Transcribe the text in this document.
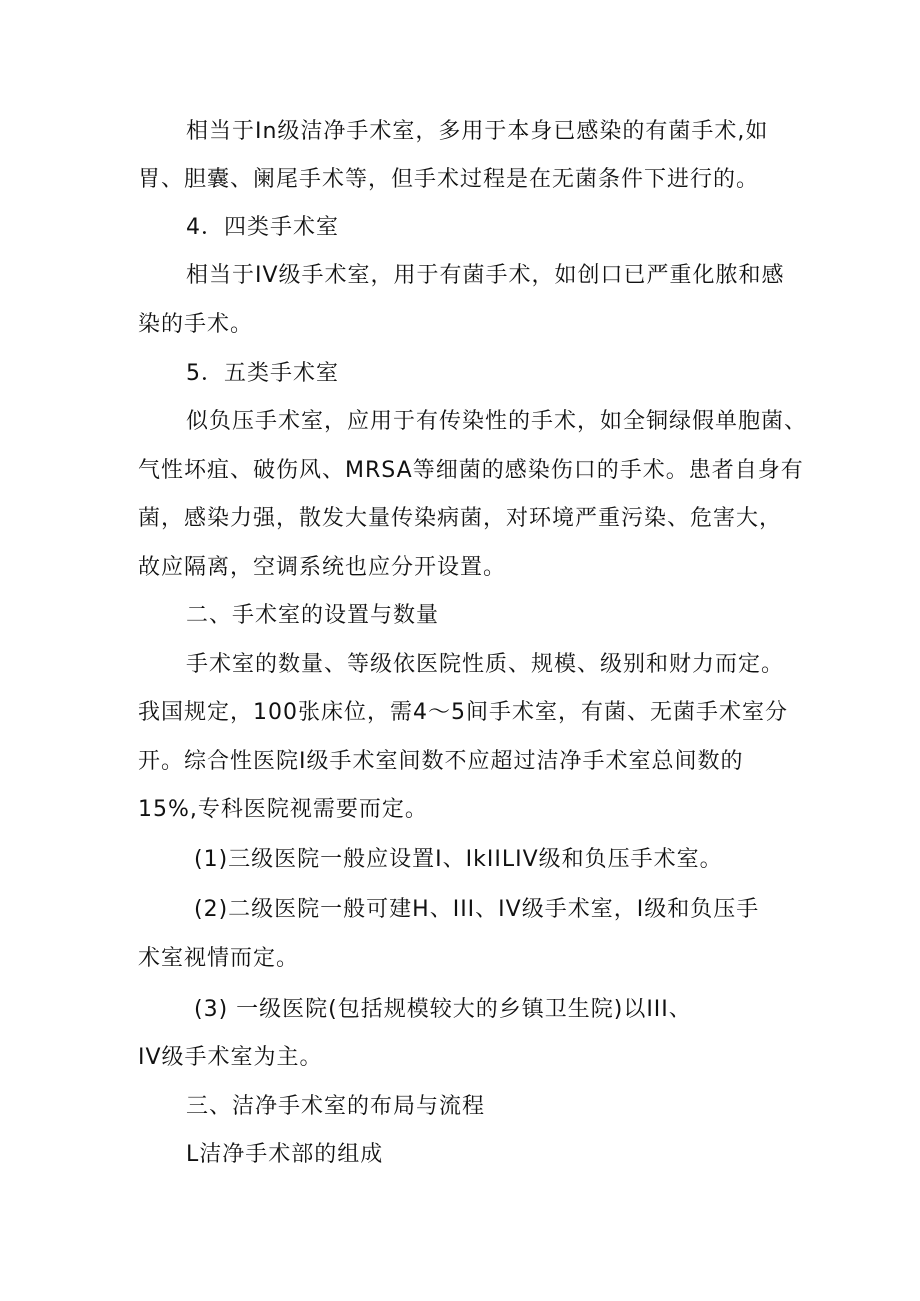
相当于In级洁净手术室，多用于本身已感染的有菌手术,如
胃、胆囊、阑尾手术等，但手术过程是在无菌条件下进行的。
4．四类手术室
相当于IV级手术室，用于有菌手术，如创口已严重化脓和感
染的手术。
5．五类手术室
似负压手术室，应用于有传染性的手术，如全铜绿假单胞菌、
气性坏疽、破伤风、MRSA等细菌的感染伤口的手术。患者自身有
菌，感染力强，散发大量传染病菌，对环境严重污染、危害大，
故应隔离，空调系统也应分开设置。
二、手术室的设置与数量
手术室的数量、等级依医院性质、规模、级别和财力而定。
我国规定，100张床位，需4～5间手术室，有菌、无菌手术室分
开。综合性医院I级手术室间数不应超过洁净手术室总间数的
15%,专科医院视需要而定。
(1)三级医院一般应设置I、IkIILIV级和负压手术室。
(2)二级医院一般可建H、III、IV级手术室，I级和负压手
术室视情而定。
(3) 一级医院(包括规模较大的乡镇卫生院)以III、
IV级手术室为主。
三、洁净手术室的布局与流程
L洁净手术部的组成
